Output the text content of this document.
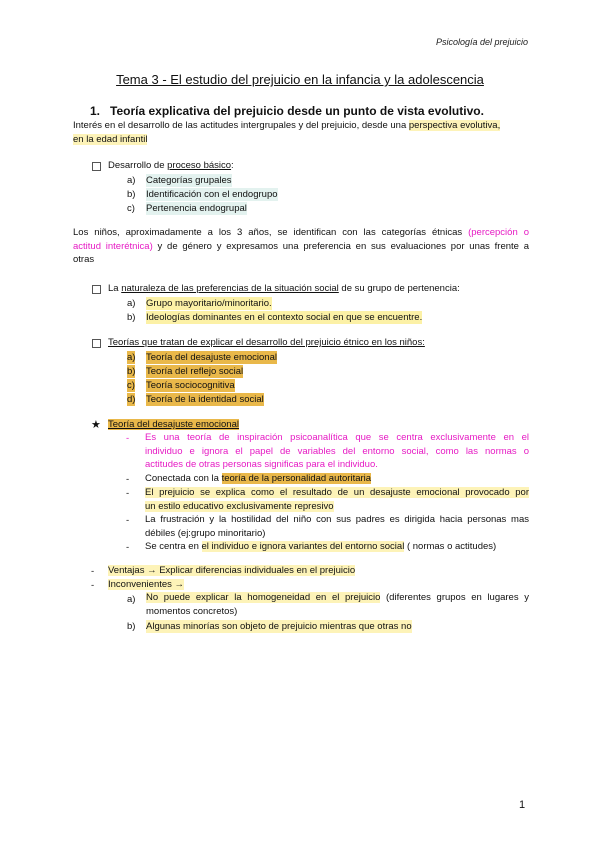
Psicología del prejuicio
Tema 3 - El estudio del prejuicio en la infancia y la adolescencia
1. Teoría explicativa del prejuicio desde un punto de vista evolutivo.
Interés en el desarrollo de las actitudes intergrupales y del prejuicio, desde una perspectiva evolutiva,
en la edad infantil
Desarrollo de proceso básico:
a) Categorías grupales
b) Identificación con el endogrupo
c) Pertenencia endogrupal
Los niños, aproximadamente a los 3 años, se identifican con las categorías étnicas (percepción o
actitud interétnica) y de género y expresamos una preferencia en sus evaluaciones por unas frente a
otras
La naturaleza de las preferencias de la situación social de su grupo de pertenencia:
a) Grupo mayoritario/minoritario.
b) Ideologías dominantes en el contexto social en que se encuentre.
Teorías que tratan de explicar el desarrollo del prejuicio étnico en los niños:
a) Teoría del desajuste emocional
b) Teoría del reflejo social
c) Teoría sociocognitiva
d) Teoría de la identidad social
★ Teoría del desajuste emocional
- Es una teoría de inspiración psicoanalítica que se centra exclusivamente en el
individuo e ignora el papel de variables del entorno social, como las normas o
actitudes de otras personas significas para el individuo.
- Conectada con la teoría de la personalidad autoritaria
- El prejuicio se explica como el resultado de un desajuste emocional provocado por
un estilo educativo exclusivamente represivo
- La frustración y la hostilidad del niño con sus padres es dirigida hacia personas mas
débiles (ej:grupo minoritario)
- Se centra en el individuo e ignora variantes del entorno social ( normas o actitudes)
- Ventajas → Explicar diferencias individuales en el prejuicio
- Inconvenientes →
a) No puede explicar la homogeneidad en el prejuicio (diferentes grupos en lugares y
momentos concretos)
b) Algunas minorías son objeto de prejuicio mientras que otras no
1
